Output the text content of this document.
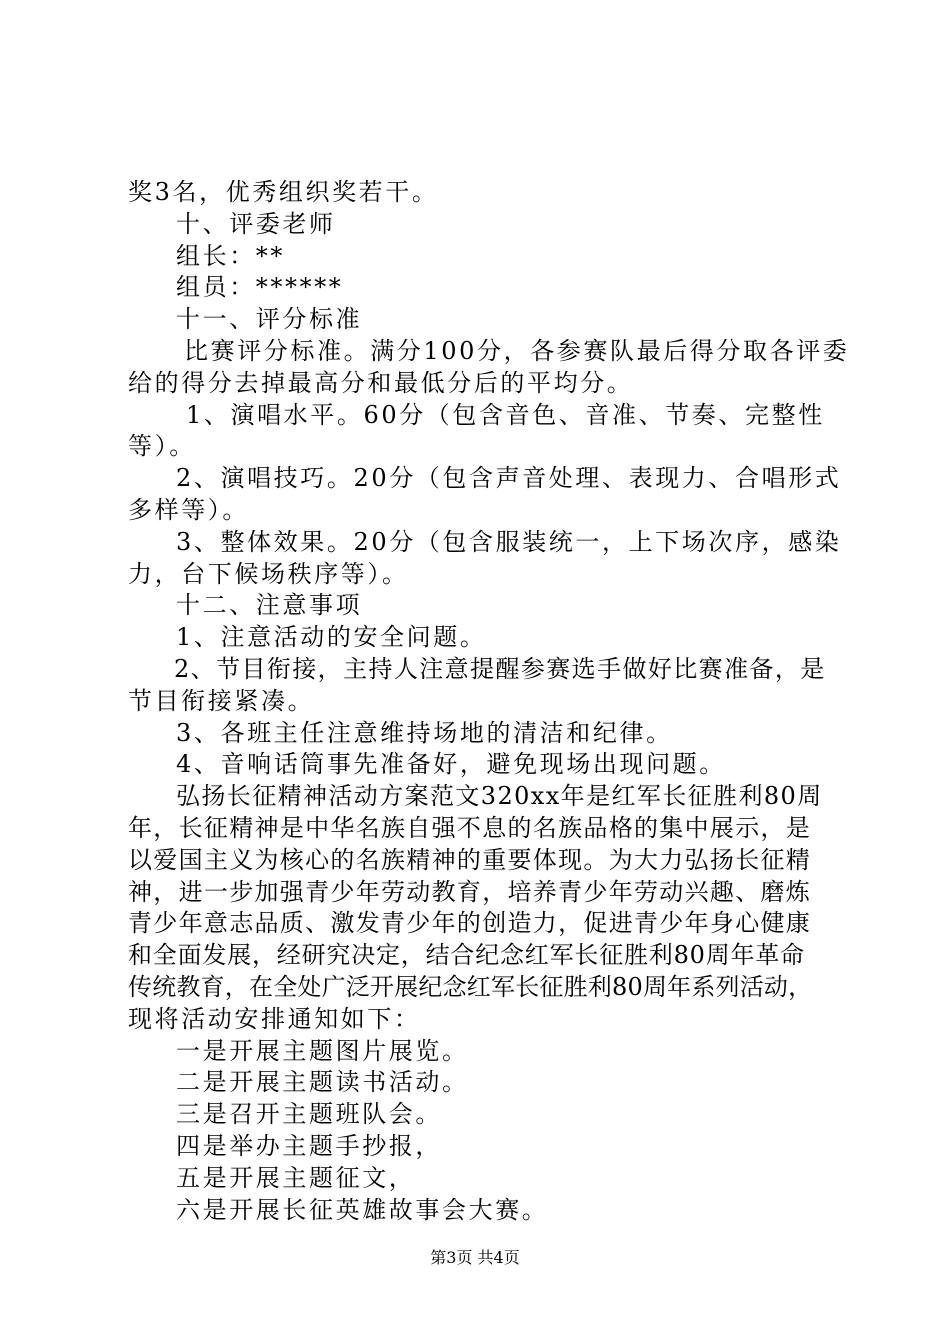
奖3名，优秀组织奖若干。
十、评委老师
组长：**
组员：******
十一、评分标准
比赛评分标准。满分100分，各参赛队最后得分取各评委
给的得分去掉最高分和最低分后的平均分。
1、演唱水平。60分（包含音色、音准、节奏、完整性
等）。
2、演唱技巧。20分（包含声音处理、表现力、合唱形式
多样等）。
3、整体效果。20分（包含服装统一，上下场次序，感染
力，台下候场秩序等）。
十二、注意事项
1、注意活动的安全问题。
2、节目衔接，主持人注意提醒参赛选手做好比赛准备，是
节目衔接紧凑。
3、各班主任注意维持场地的清洁和纪律。
4、音响话筒事先准备好，避免现场出现问题。
弘扬长征精神活动方案范文320xx年是红军长征胜利80周
年，长征精神是中华名族自强不息的名族品格的集中展示，是
以爱国主义为核心的名族精神的重要体现。为大力弘扬长征精
神，进一步加强青少年劳动教育，培养青少年劳动兴趣、磨炼
青少年意志品质、激发青少年的创造力，促进青少年身心健康
和全面发展，经研究决定，结合纪念红军长征胜利80周年革命
传统教育，在全处广泛开展纪念红军长征胜利80周年系列活动，
现将活动安排通知如下：
一是开展主题图片展览。
二是开展主题读书活动。
三是召开主题班队会。
四是举办主题手抄报，
五是开展主题征文，
六是开展长征英雄故事会大赛。
第3页 共4页
